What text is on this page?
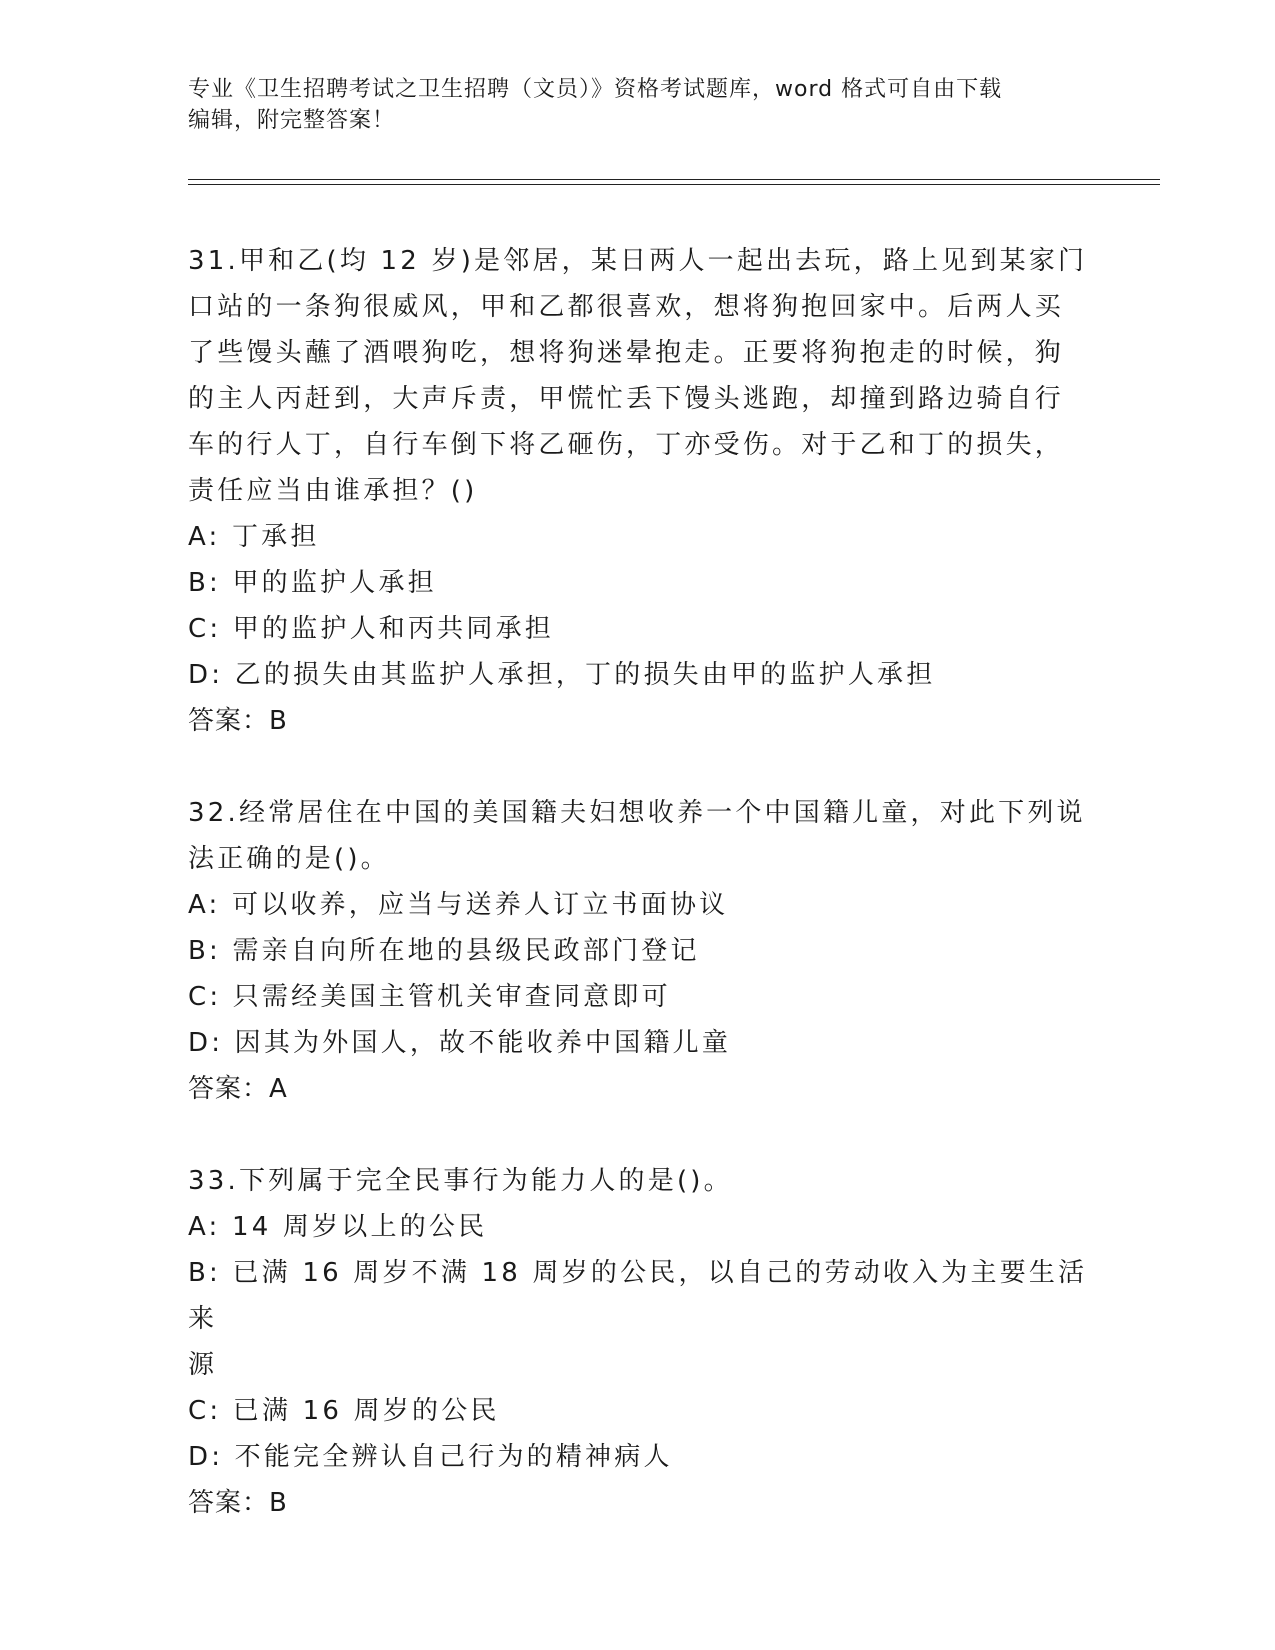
专业《卫生招聘考试之卫生招聘（文员）》资格考试题库，word 格式可自由下载
编辑，附完整答案！
31.甲和乙(均 12 岁)是邻居，某日两人一起出去玩，路上见到某家门
口站的一条狗很威风，甲和乙都很喜欢，想将狗抱回家中。后两人买
了些馒头蘸了酒喂狗吃，想将狗迷晕抱走。正要将狗抱走的时候，狗
的主人丙赶到，大声斥责，甲慌忙丢下馒头逃跑，却撞到路边骑自行
车的行人丁，自行车倒下将乙砸伤，丁亦受伤。对于乙和丁的损失，
责任应当由谁承担？()
A: 丁承担
B: 甲的监护人承担
C: 甲的监护人和丙共同承担
D: 乙的损失由其监护人承担，丁的损失由甲的监护人承担
答案：B
32.经常居住在中国的美国籍夫妇想收养一个中国籍儿童，对此下列说
法正确的是()。
A: 可以收养，应当与送养人订立书面协议
B: 需亲自向所在地的县级民政部门登记
C: 只需经美国主管机关审查同意即可
D: 因其为外国人，故不能收养中国籍儿童
答案：A
33.下列属于完全民事行为能力人的是()。
A: 14 周岁以上的公民
B: 已满 16 周岁不满 18 周岁的公民，以自己的劳动收入为主要生活来
源
C: 已满 16 周岁的公民
D: 不能完全辨认自己行为的精神病人
答案：B
